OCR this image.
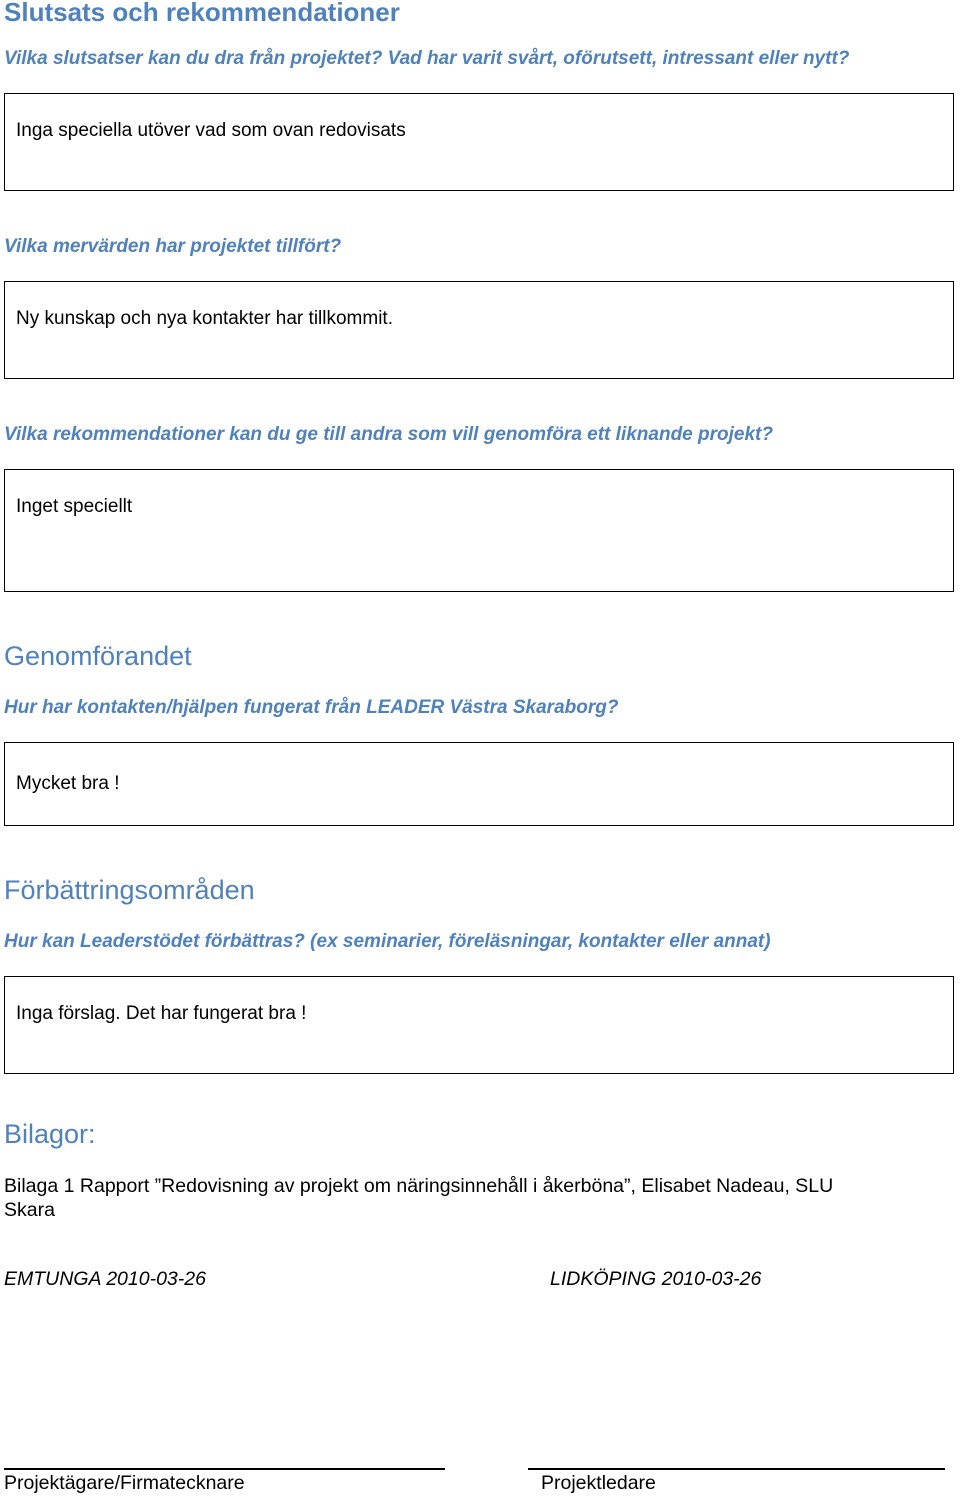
Slutsats och rekommendationer
Vilka slutsatser kan du dra från projektet? Vad har varit svårt, oförutsett, intressant eller nytt?
Inga speciella utöver vad som ovan redovisats
Vilka mervärden har projektet tillfört?
Ny kunskap och nya kontakter har tillkommit.
Vilka rekommendationer kan du ge till andra som vill genomföra ett liknande projekt?
Inget speciellt
Genomförandet
Hur har kontakten/hjälpen fungerat från LEADER Västra Skaraborg?
Mycket bra !
Förbättringsområden
Hur kan Leaderstödet förbättras? (ex seminarier, föreläsningar, kontakter eller annat)
Inga förslag. Det har fungerat bra !
Bilagor:
Bilaga 1 Rapport ”Redovisning av projekt om näringsinnehåll i åkerböna”, Elisabet Nadeau, SLU
Skara
EMTUNGA 2010-03-26	LIDKÖPING 2010-03-26
Projektägare/Firmatecknare	Projektledare
